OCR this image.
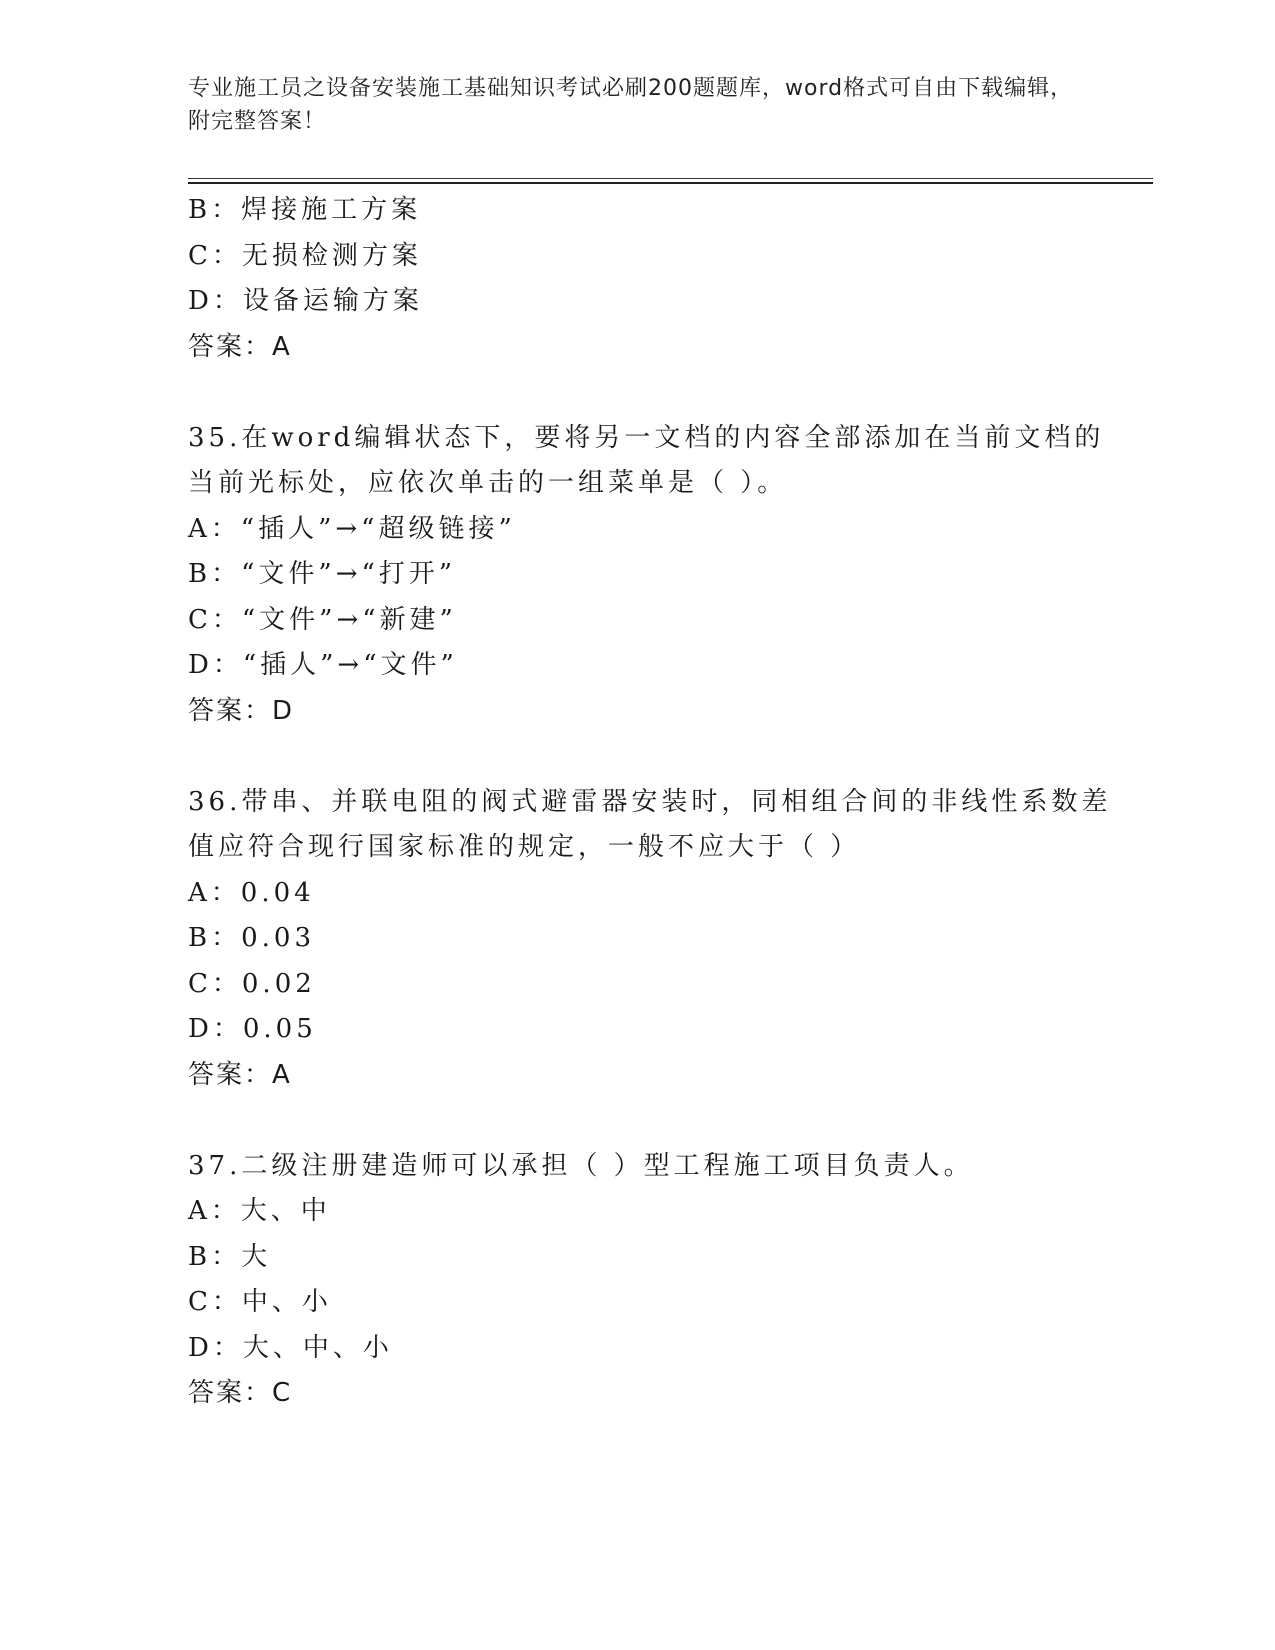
专业施工员之设备安装施工基础知识考试必刷200题题库，word格式可自由下载编辑，附完整答案！
B：焊接施工方案
C：无损检测方案
D：设备运输方案
答案：A
35.在word编辑状态下，要将另一文档的内容全部添加在当前文档的当前光标处，应依次单击的一组菜单是（ ）。
A：“插人”→“超级链接”
B：“文件”→“打开”
C：“文件”→“新建”
D：“插人”→“文件”
答案：D
36.带串、并联电阻的阀式避雷器安装时，同相组合间的非线性系数差值应符合现行国家标准的规定，一般不应大于（ ）
A：0.04
B：0.03
C：0.02
D：0.05
答案：A
37.二级注册建造师可以承担（ ）型工程施工项目负责人。
A：大、中
B：大
C：中、小
D：大、中、小
答案：C
